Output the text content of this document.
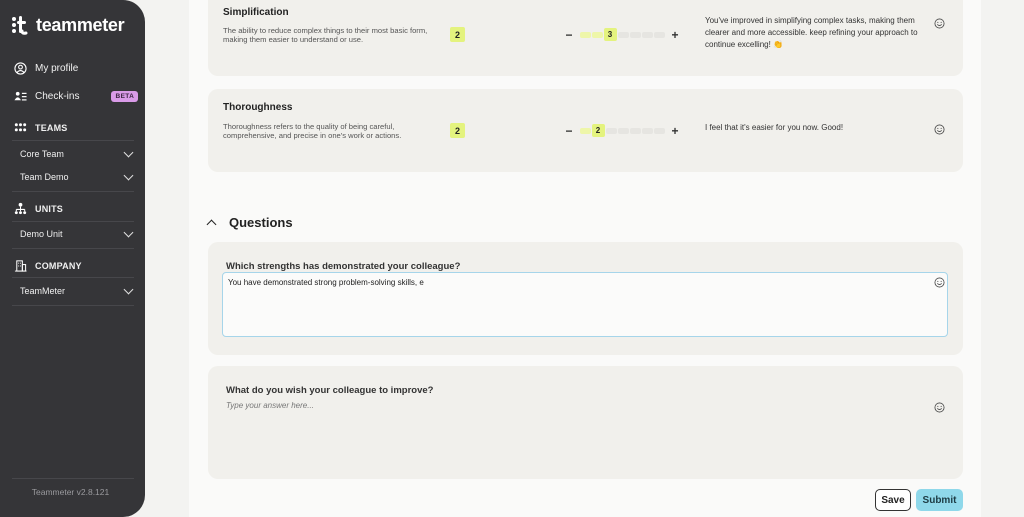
teammeter
My profile
Check-ins	BETA
TEAMS
Core Team
Team Demo
UNITS
Demo Unit
COMPANY
TeamMeter
Teammeter v2.8.121
Simplification
The ability to reduce complex things to their most basic form, making them easier to understand or use.	2	−	3	+
You've improved in simplifying complex tasks, making them clearer and more accessible. keep refining your approach to continue excelling! 👏
Thoroughness
Thoroughness refers to the quality of being careful, comprehensive, and precise in one's work or actions.	2	−	2	+	I feel that it's easier for you now. Good!
Questions
Which strengths has demonstrated your colleague?
You have demonstrated strong problem-solving skills, e
What do you wish your colleague to improve?
Type your answer here...
Save	Submit
